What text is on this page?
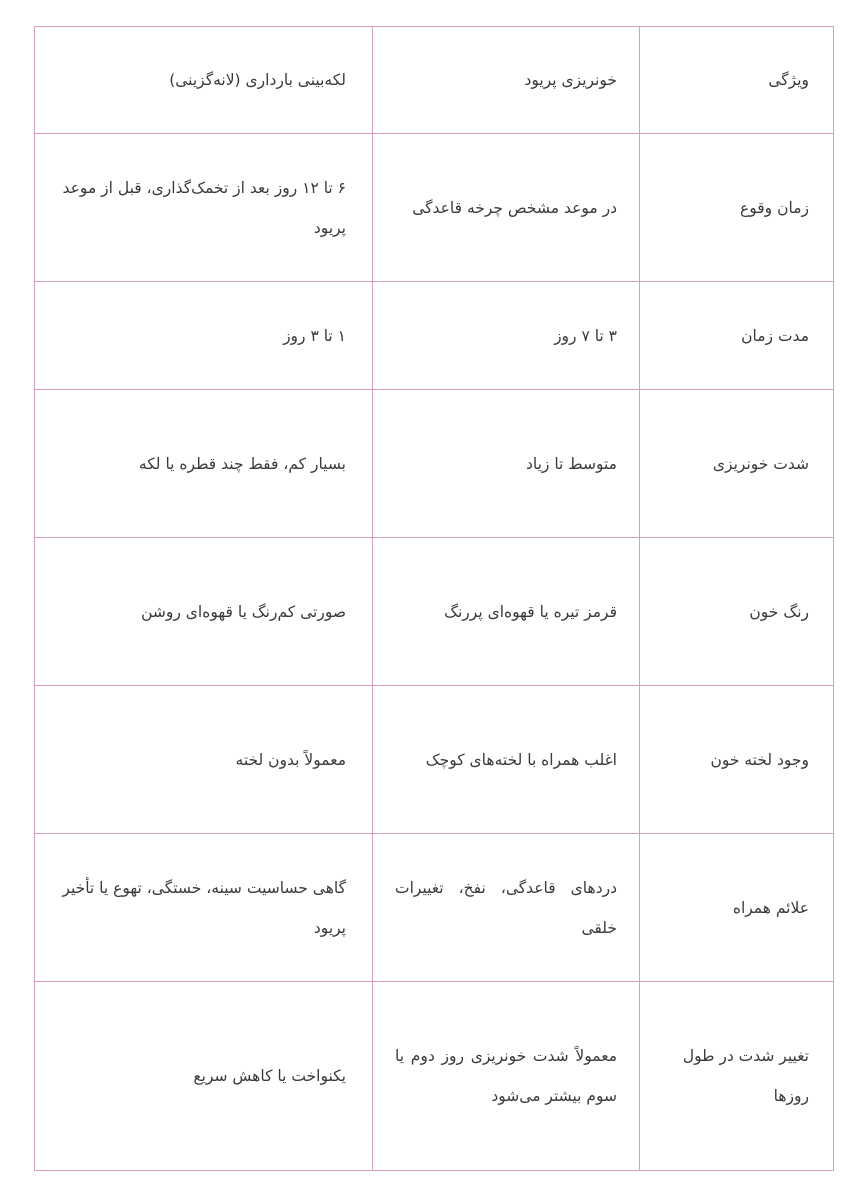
ویژگی	خونریزی پریود	لکه‌بینی بارداری (لانه‌گزینی)
زمان وقوع	در موعد مشخص چرخه قاعدگی	۶ تا ۱۲ روز بعد از تخمک‌گذاری، قبل از موعد پریود
مدت زمان	۳ تا ۷ روز	۱ تا ۳ روز
شدت خونریزی	متوسط تا زیاد	بسیار کم، فقط چند قطره یا لکه
رنگ خون	قرمز تیره یا قهوه‌ای پررنگ	صورتی کم‌رنگ یا قهوه‌ای روشن
وجود لخته خون	اغلب همراه با لخته‌های کوچک	معمولاً بدون لخته
علائم همراه	دردهای قاعدگی، نفخ، تغییرات خلقی	گاهی حساسیت سینه، خستگی، تهوع یا تأخیر پریود
تغییر شدت در طول روزها	معمولاً شدت خونریزی روز دوم یا سوم بیشتر می‌شود	یکنواخت یا کاهش سریع
